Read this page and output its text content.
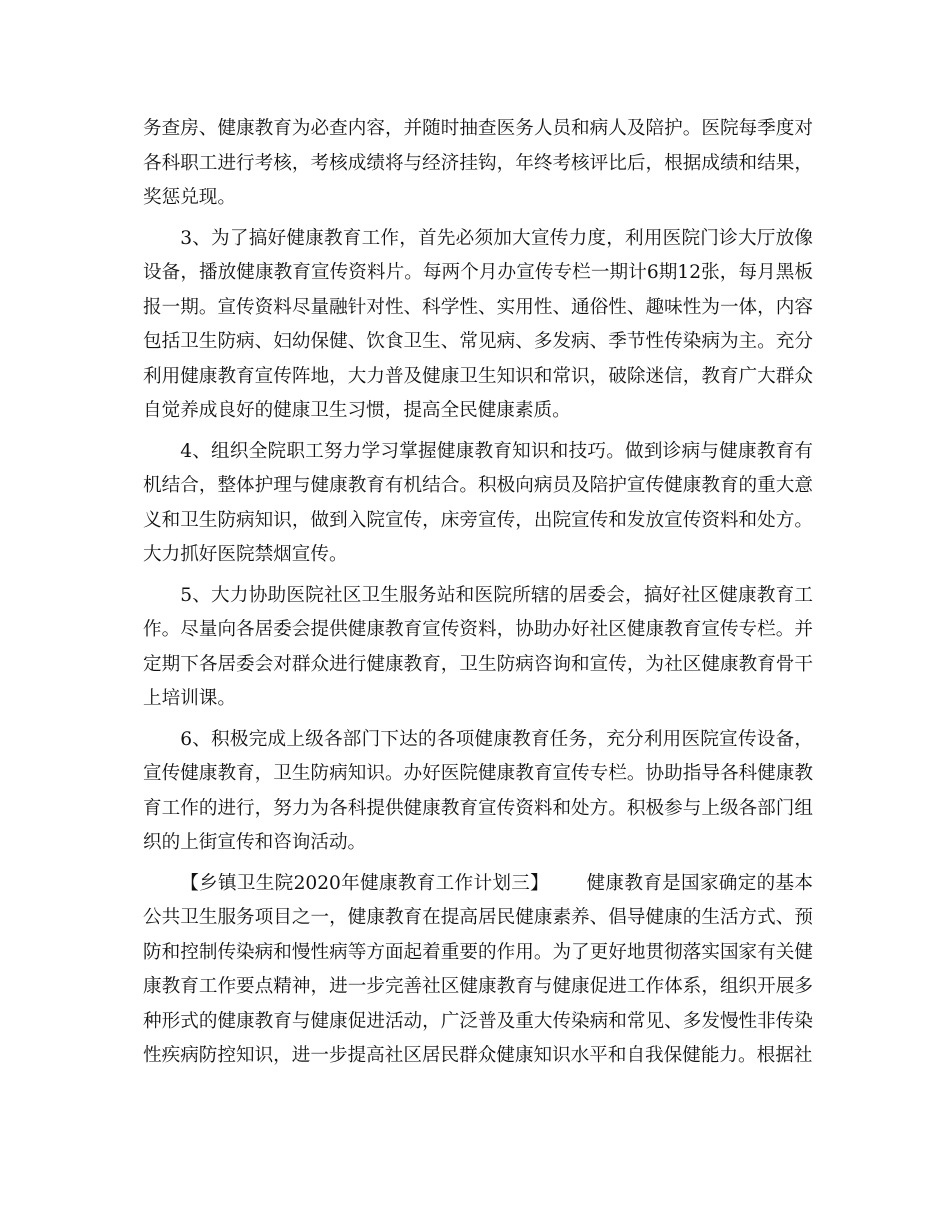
务查房、健康教育为必查内容，并随时抽查医务人员和病人及陪护。医院每季度对各科职工进行考核，考核成绩将与经济挂钩，年终考核评比后，根据成绩和结果，奖惩兑现。

3、为了搞好健康教育工作，首先必须加大宣传力度，利用医院门诊大厅放像设备，播放健康教育宣传资料片。每两个月办宣传专栏一期计6期12张，每月黑板报一期。宣传资料尽量融针对性、科学性、实用性、通俗性、趣味性为一体，内容包括卫生防病、妇幼保健、饮食卫生、常见病、多发病、季节性传染病为主。充分利用健康教育宣传阵地，大力普及健康卫生知识和常识，破除迷信，教育广大群众自觉养成良好的健康卫生习惯，提高全民健康素质。

4、组织全院职工努力学习掌握健康教育知识和技巧。做到诊病与健康教育有机结合，整体护理与健康教育有机结合。积极向病员及陪护宣传健康教育的重大意义和卫生防病知识，做到入院宣传，床旁宣传，出院宣传和发放宣传资料和处方。大力抓好医院禁烟宣传。

5、大力协助医院社区卫生服务站和医院所辖的居委会，搞好社区健康教育工作。尽量向各居委会提供健康教育宣传资料，协助办好社区健康教育宣传专栏。并定期下各居委会对群众进行健康教育，卫生防病咨询和宣传，为社区健康教育骨干上培训课。

6、积极完成上级各部门下达的各项健康教育任务，充分利用医院宣传设备，宣传健康教育，卫生防病知识。办好医院健康教育宣传专栏。协助指导各科健康教育工作的进行，努力为各科提供健康教育宣传资料和处方。积极参与上级各部门组织的上街宣传和咨询活动。

【乡镇卫生院2020年健康教育工作计划三】 健康教育是国家确定的基本公共卫生服务项目之一，健康教育在提高居民健康素养、倡导健康的生活方式、预防和控制传染病和慢性病等方面起着重要的作用。为了更好地贯彻落实国家有关健康教育工作要点精神，进一步完善社区健康教育与健康促进工作体系，组织开展多种形式的健康教育与健康促进活动，广泛普及重大传染病和常见、多发慢性非传染性疾病防控知识，进一步提高社区居民群众健康知识水平和自我保健能力。根据社
